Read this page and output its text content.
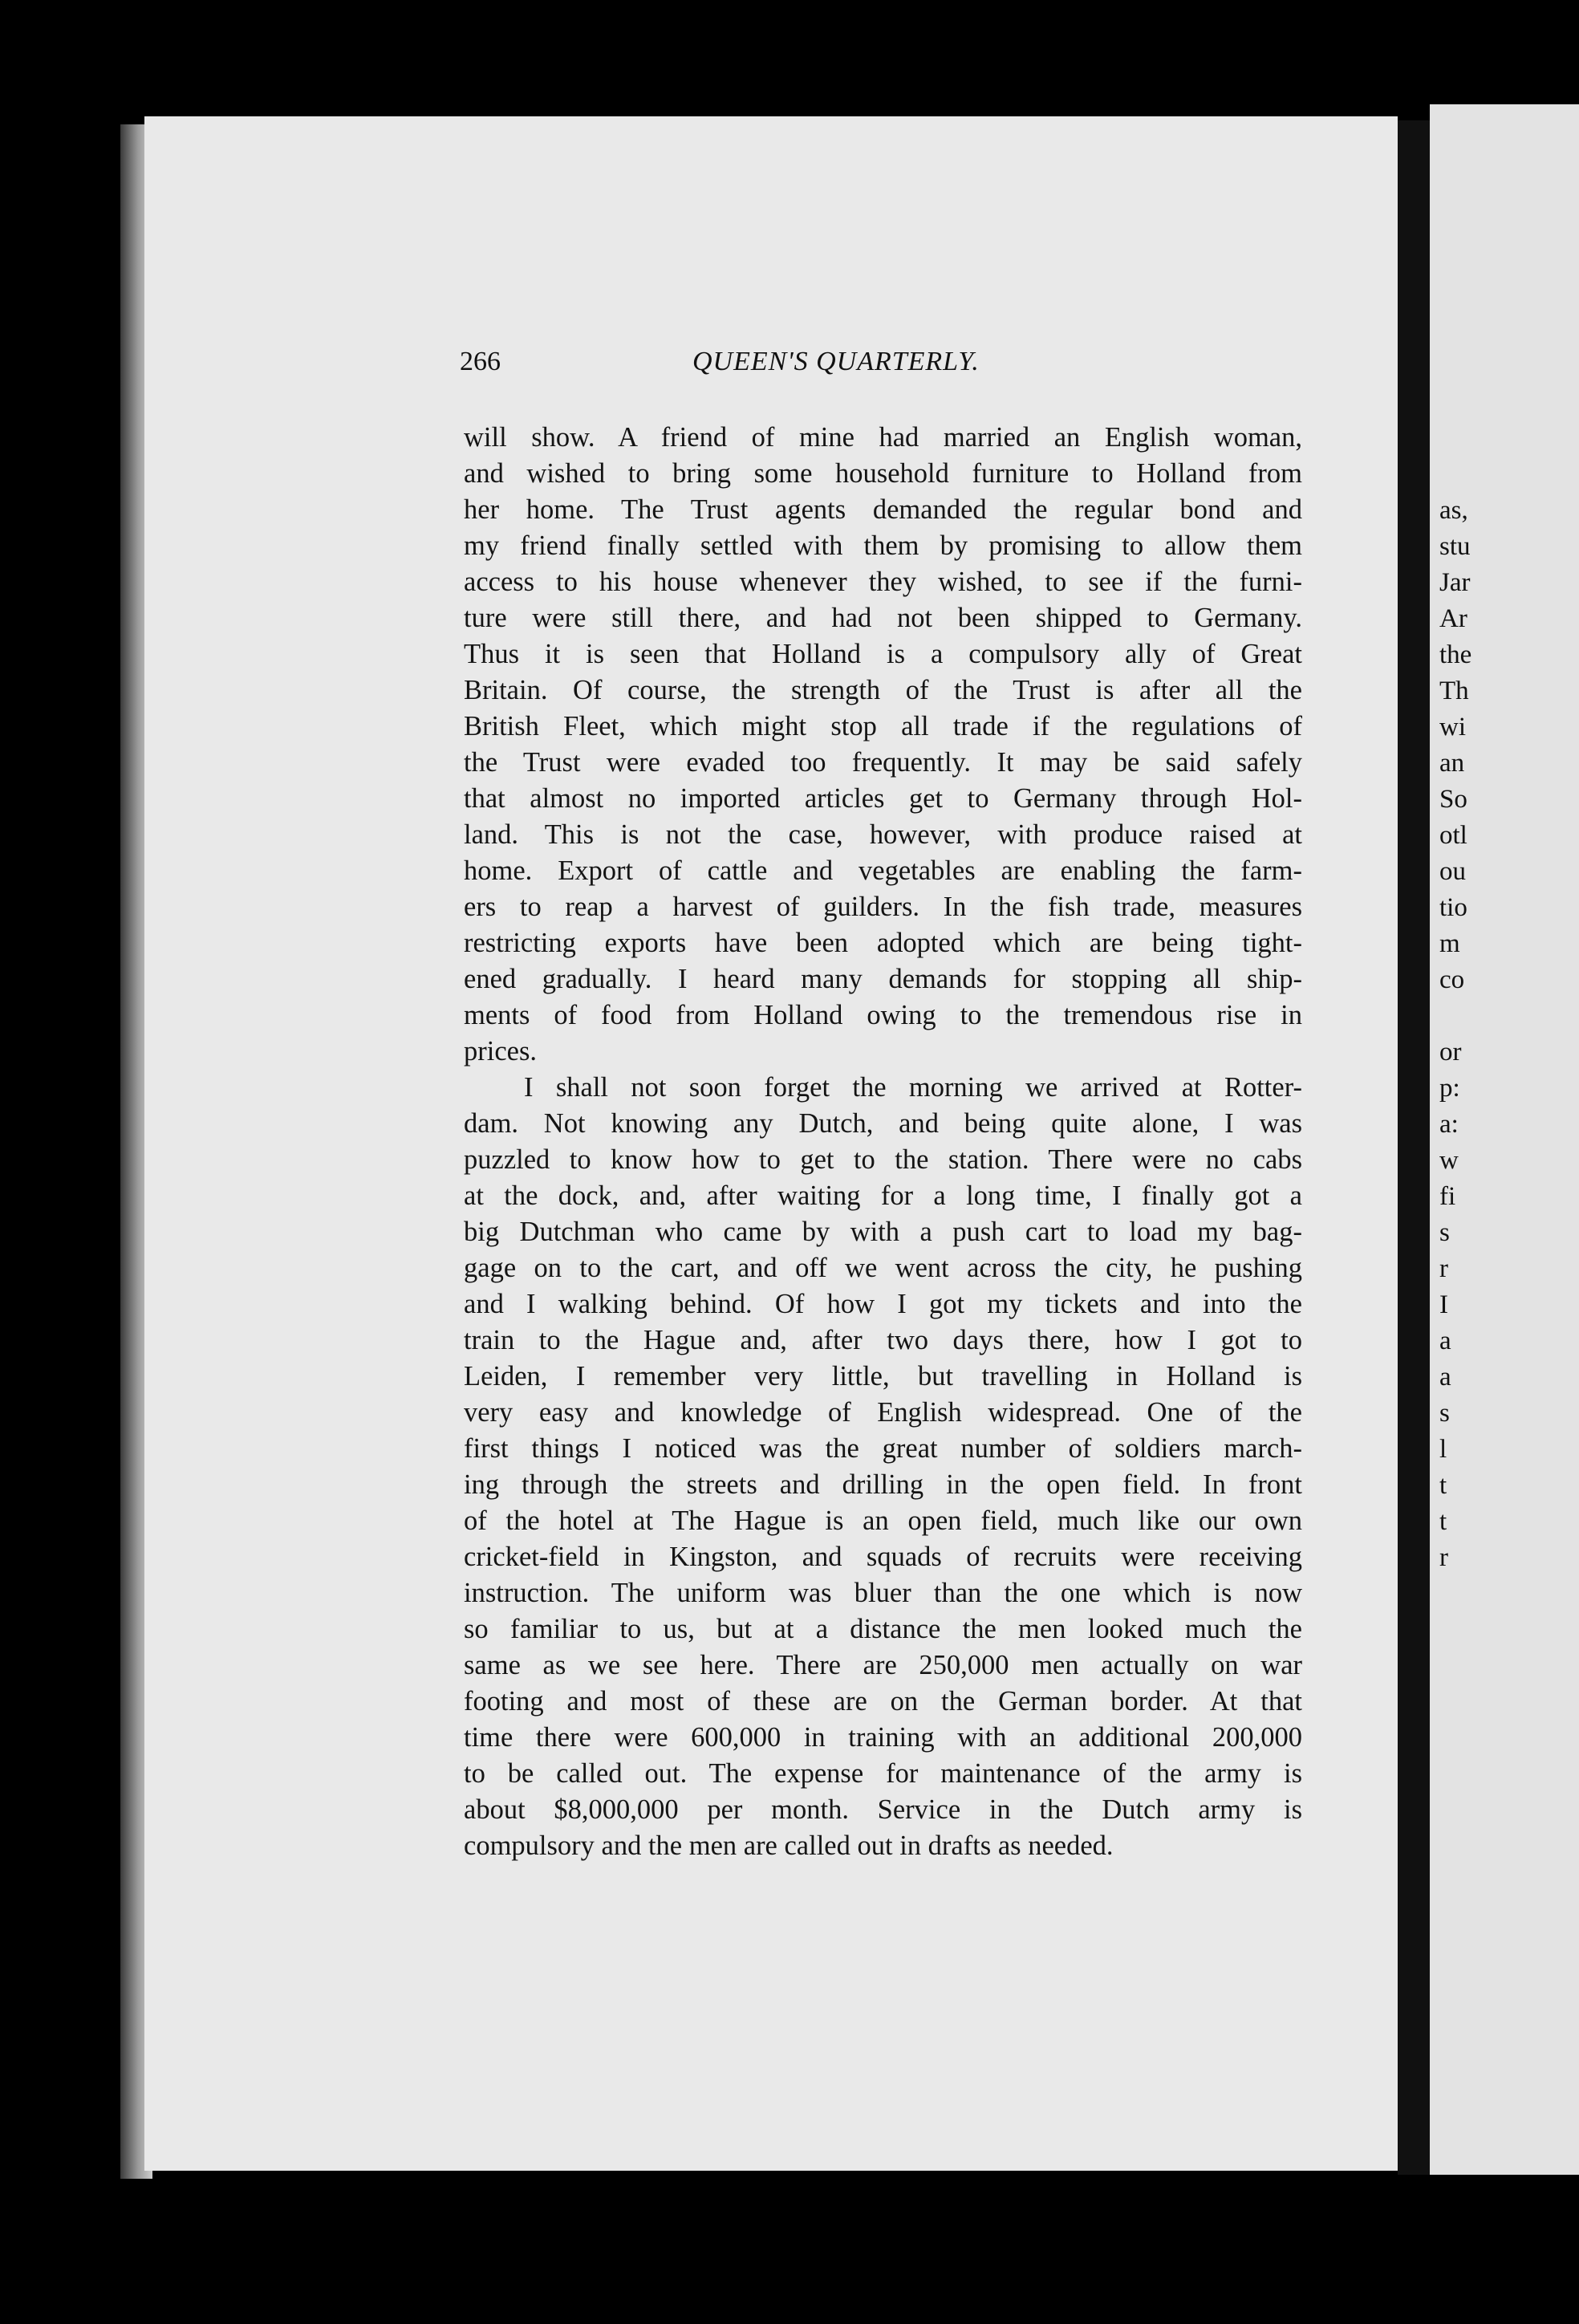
as,
stu
Jar
Ar
the
Th
wi
an
So
otl
ou
tio
m
co
or
p:
a:
w
fi
s
r
I
a
a
s
l
t
t
r
266	QUEEN'S QUARTERLY.
will show. A friend of mine had married an English woman,
and wished to bring some household furniture to Holland from
her home. The Trust agents demanded the regular bond and
my friend finally settled with them by promising to allow them
access to his house whenever they wished, to see if the furni-
ture were still there, and had not been shipped to Germany.
Thus it is seen that Holland is a compulsory ally of Great
Britain. Of course, the strength of the Trust is after all the
British Fleet, which might stop all trade if the regulations of
the Trust were evaded too frequently. It may be said safely
that almost no imported articles get to Germany through Hol-
land. This is not the case, however, with produce raised at
home. Export of cattle and vegetables are enabling the farm-
ers to reap a harvest of guilders. In the fish trade, measures
restricting exports have been adopted which are being tight-
ened gradually. I heard many demands for stopping all ship-
ments of food from Holland owing to the tremendous rise in
prices.
I shall not soon forget the morning we arrived at Rotter-
dam. Not knowing any Dutch, and being quite alone, I was
puzzled to know how to get to the station. There were no cabs
at the dock, and, after waiting for a long time, I finally got a
big Dutchman who came by with a push cart to load my bag-
gage on to the cart, and off we went across the city, he pushing
and I walking behind. Of how I got my tickets and into the
train to the Hague and, after two days there, how I got to
Leiden, I remember very little, but travelling in Holland is
very easy and knowledge of English widespread. One of the
first things I noticed was the great number of soldiers march-
ing through the streets and drilling in the open field. In front
of the hotel at The Hague is an open field, much like our own
cricket-field in Kingston, and squads of recruits were receiving
instruction. The uniform was bluer than the one which is now
so familiar to us, but at a distance the men looked much the
same as we see here. There are 250,000 men actually on war
footing and most of these are on the German border. At that
time there were 600,000 in training with an additional 200,000
to be called out. The expense for maintenance of the army is
about $8,000,000 per month. Service in the Dutch army is
compulsory and the men are called out in drafts as needed.
